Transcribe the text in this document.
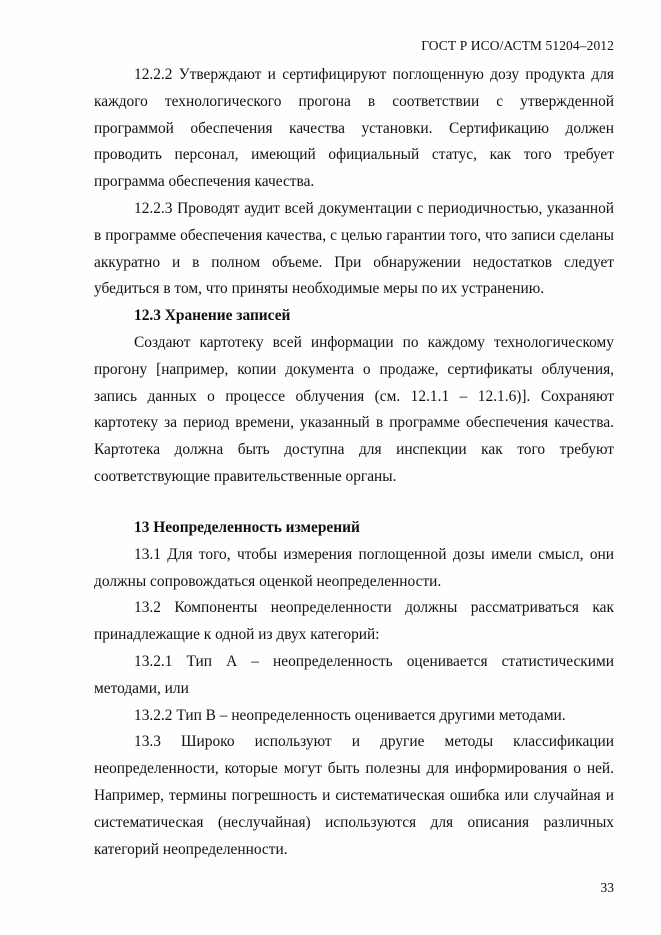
ГОСТ Р ИСО/АСТМ 51204–2012

12.2.2 Утверждают и сертифицируют поглощенную дозу продукта для каждого технологического прогона в соответствии с утвержденной программой обеспечения качества установки. Сертификацию должен проводить персонал, имеющий официальный статус, как того требует программа обеспечения качества.

12.2.3 Проводят аудит всей документации с периодичностью, указанной в программе обеспечения качества, с целью гарантии того, что записи сделаны аккуратно и в полном объеме. При обнаружении недостатков следует убедиться в том, что приняты необходимые меры по их устранению.

12.3 Хранение записей

Создают картотеку всей информации по каждому технологическому прогону [например, копии документа о продаже, сертификаты облучения, запись данных о процессе облучения (см. 12.1.1 – 12.1.6)]. Сохраняют картотеку за период времени, указанный в программе обеспечения качества. Картотека должна быть доступна для инспекции как того требуют соответствующие правительственные органы.

13 Неопределенность измерений

13.1 Для того, чтобы измерения поглощенной дозы имели смысл, они должны сопровождаться оценкой неопределенности.

13.2 Компоненты неопределенности должны рассматриваться как принадлежащие к одной из двух категорий:

13.2.1 Тип А – неопределенность оценивается статистическими методами, или

13.2.2 Тип В – неопределенность оценивается другими методами.

13.3 Широко используют и другие методы классификации неопределенности, которые могут быть полезны для информирования о ней. Например, термины погрешность и систематическая ошибка или случайная и систематическая (неслучайная) используются для описания различных категорий неопределенности.

33
